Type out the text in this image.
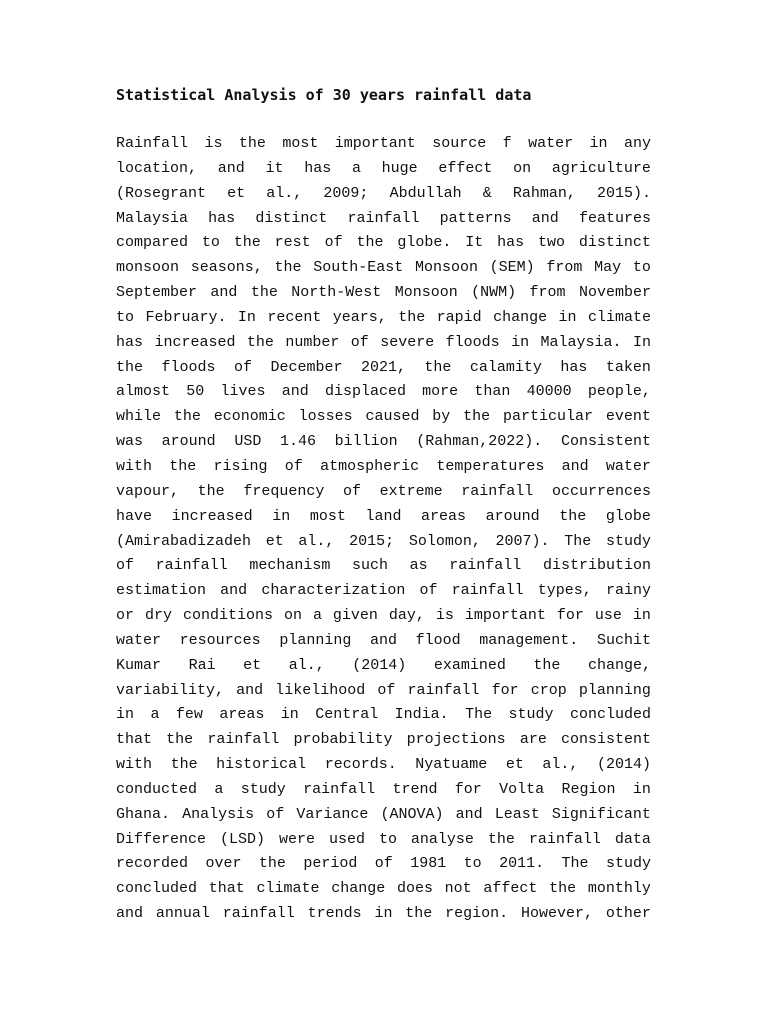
Statistical Analysis of 30 years rainfall data
Rainfall is the most important source f water in any
location, and it has a huge effect on agriculture
(Rosegrant et al., 2009; Abdullah & Rahman, 2015).
Malaysia has distinct rainfall patterns and features
compared to the rest of the globe. It has two distinct
monsoon seasons, the South-East Monsoon (SEM) from May to
September and the North-West Monsoon (NWM) from November
to February. In recent years, the rapid change in climate
has increased the number of severe floods in Malaysia. In
the floods of December 2021, the calamity has taken
almost 50 lives and displaced more than 40000 people,
while the economic losses caused by the particular event
was around USD 1.46 billion (Rahman,2022). Consistent
with the rising of atmospheric temperatures and water
vapour, the frequency of extreme rainfall occurrences
have increased in most land areas around the globe
(Amirabadizadeh et al., 2015; Solomon, 2007). The study
of rainfall mechanism such as rainfall distribution
estimation and characterization of rainfall types, rainy
or dry conditions on a given day, is important for use in
water resources planning and flood management. Suchit
Kumar Rai et al., (2014) examined the change,
variability, and likelihood of rainfall for crop planning
in a few areas in Central India. The study concluded
that the rainfall probability projections are consistent
with the historical records. Nyatuame et al., (2014)
conducted a study rainfall trend for Volta Region in
Ghana. Analysis of Variance (ANOVA) and Least Significant
Difference (LSD) were used to analyse the rainfall data
recorded over the period of 1981 to 2011. The study
concluded that climate change does not affect the monthly
and annual rainfall trends in the region. However, other
